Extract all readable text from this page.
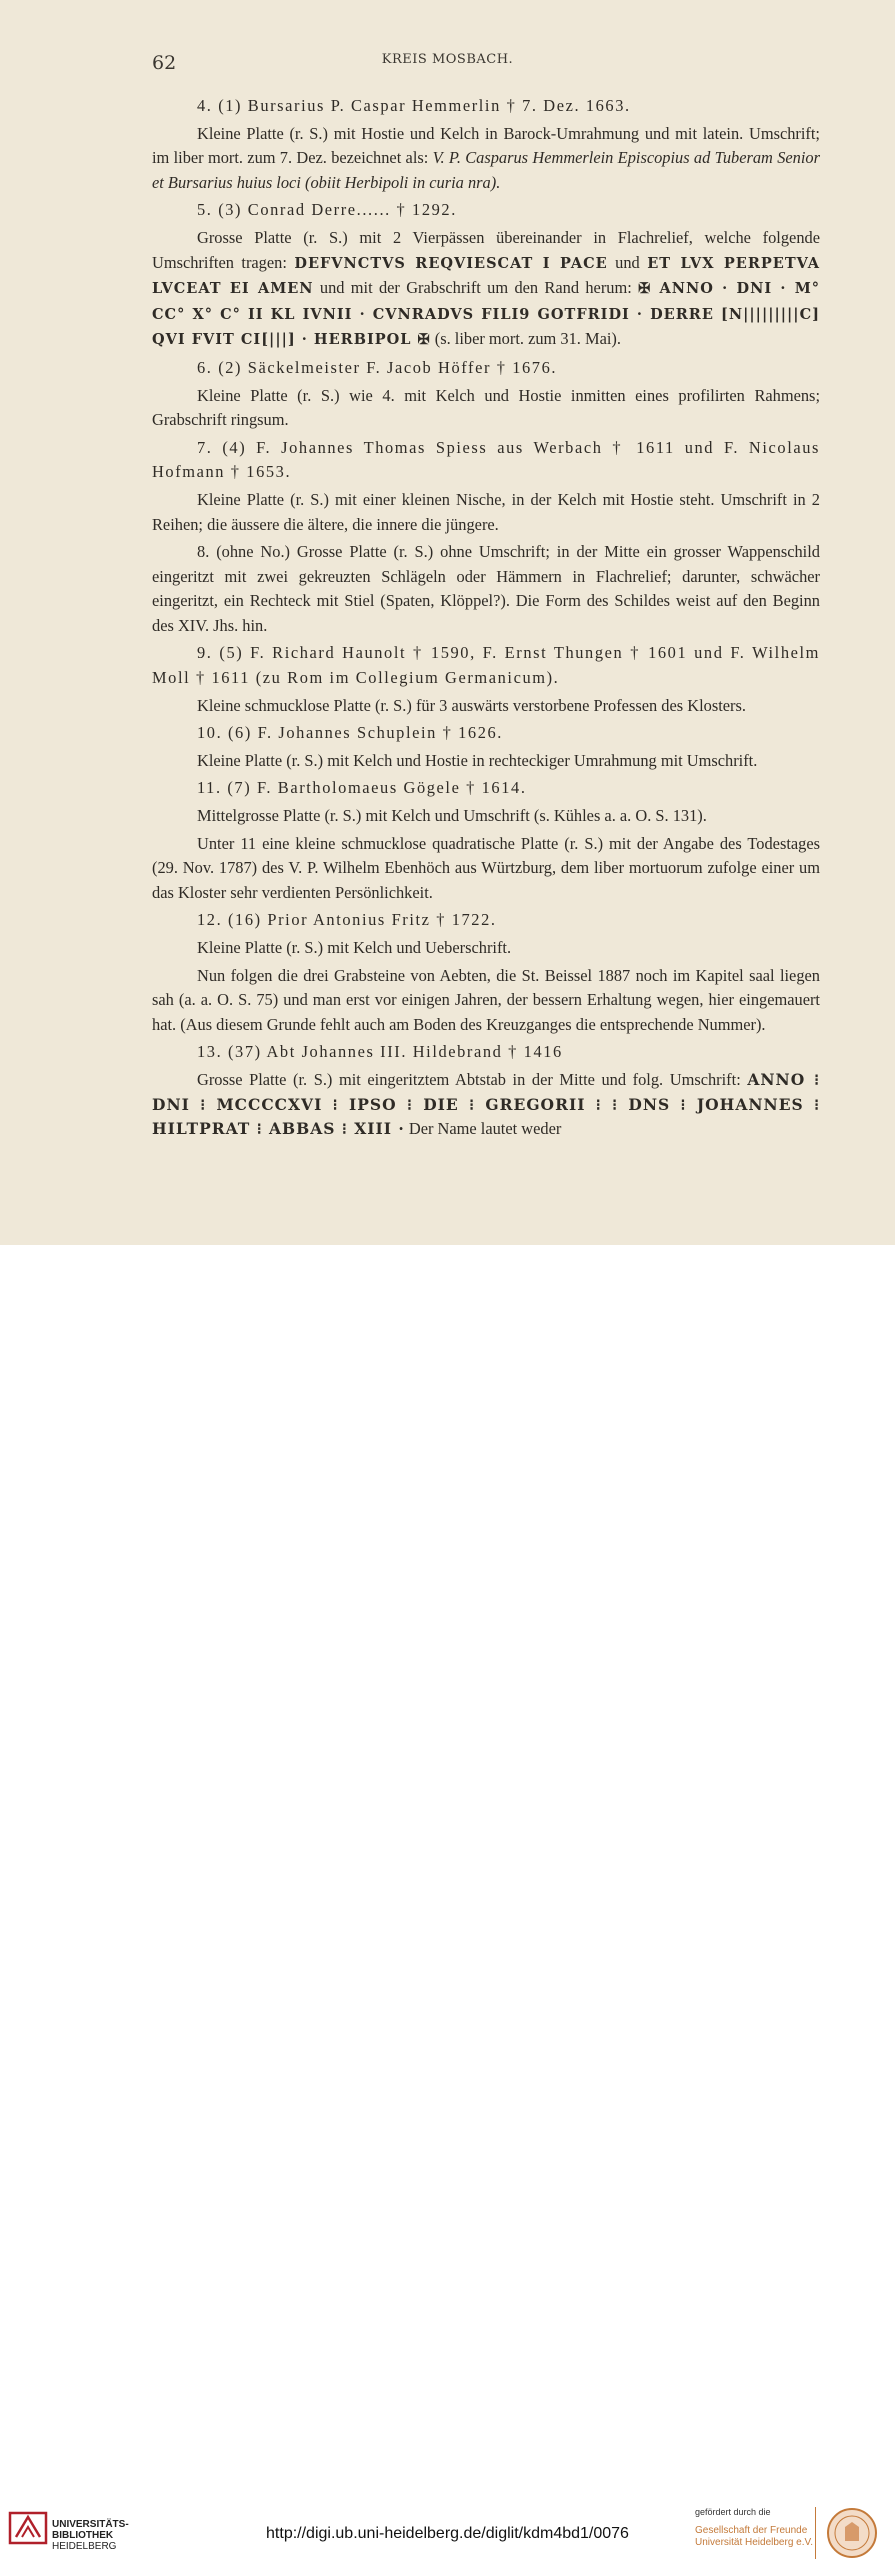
62	KREIS MOSBACH.

4. (1) Bursarius P. Caspar Hemmerlin † 7. Dez. 1663.

Kleine Platte (r. S.) mit Hostie und Kelch in Barock-Umrahmung und mit latein. Umschrift; im liber mort. zum 7. Dez. bezeichnet als: V. P. Casparus Hemmerlein Episcopius ad Tuberam Senior et Bursarius huius loci (obiit Herbipoli in curia nra).

5. (3) Conrad Derre...... † 1292.

Grosse Platte (r. S.) mit 2 Vierpässen übereinander in Flachrelief, welche folgende Umschriften tragen: DEFVNCTVS REQVIESCAT I PACE und ET LVX PERPETVA LVCEAT EI AMEN und mit der Grabschrift um den Rand herum: ✠ ANNO · DNI · M° CC° X° C° II KL IVNII · CVNRADVS FILI9 GOTFRIDI · DERRE [N|||||||||C] QVI FVIT CI[|||] · HERBIPOL ✠ (s. liber mort. zum 31. Mai).

6. (2) Säckelmeister F. Jacob Höffer † 1676.

Kleine Platte (r. S.) wie 4. mit Kelch und Hostie inmitten eines profilirten Rahmens; Grabschrift ringsum.

7. (4) F. Johannes Thomas Spiess aus Werbach † 1611 und F. Nicolaus Hofmann † 1653.

Kleine Platte (r. S.) mit einer kleinen Nische, in der Kelch mit Hostie steht. Umschrift in 2 Reihen; die äussere die ältere, die innere die jüngere.

8. (ohne No.) Grosse Platte (r. S.) ohne Umschrift; in der Mitte ein grosser Wappenschild eingeritzt mit zwei gekreuzten Schlägeln oder Hämmern in Flachrelief; darunter, schwächer eingeritzt, ein Rechteck mit Stiel (Spaten, Klöppel?). Die Form des Schildes weist auf den Beginn des XIV. Jhs. hin.

9. (5) F. Richard Haunolt † 1590, F. Ernst Thungen † 1601 und F. Wilhelm Moll † 1611 (zu Rom im Collegium Germanicum).

Kleine schmucklose Platte (r. S.) für 3 auswärts verstorbene Professen des Klosters.

10. (6) F. Johannes Schuplein † 1626.

Kleine Platte (r. S.) mit Kelch und Hostie in rechteckiger Umrahmung mit Umschrift.

11. (7) F. Bartholomaeus Gögele † 1614.

Mittelgrosse Platte (r. S.) mit Kelch und Umschrift (s. Kühles a. a. O. S. 131).

Unter 11 eine kleine schmucklose quadratische Platte (r. S.) mit der Angabe des Todestages (29. Nov. 1787) des V. P. Wilhelm Ebenhöch aus Würtzburg, dem liber mortuorum zufolge einer um das Kloster sehr verdienten Persönlichkeit.

12. (16) Prior Antonius Fritz † 1722.

Kleine Platte (r. S.) mit Kelch und Ueberschrift.

Nun folgen die drei Grabsteine von Aebten, die St. Beissel 1887 noch im Kapitel saal liegen sah (a. a. O. S. 75) und man erst vor einigen Jahren, der bessern Erhaltung wegen, hier eingemauert hat. (Aus diesem Grunde fehlt auch am Boden des Kreuzganges die entsprechende Nummer).

13. (37) Abt Johannes III. Hildebrand † 1416

Grosse Platte (r. S.) mit eingeritztem Abtstab in der Mitte und folg. Umschrift: ANNO ⁝ DNI ⁝ MCCCCXVI ⁝ IPSO ⁝ DIE ⁝ GREGORII ⁝ ⁝ DNS ⁝ JOHANNES ⁝ HILTPRAT ⁝ ABBAS ⁝ XIII · Der Name lautet weder

UNIVERSITÄTS-
BIBLIOTHEK
HEIDELBERG
http://digi.ub.uni-heidelberg.de/diglit/kdm4bd1/0076
gefördert durch die
Gesellschaft der Freunde
Universität Heidelberg e.V.
